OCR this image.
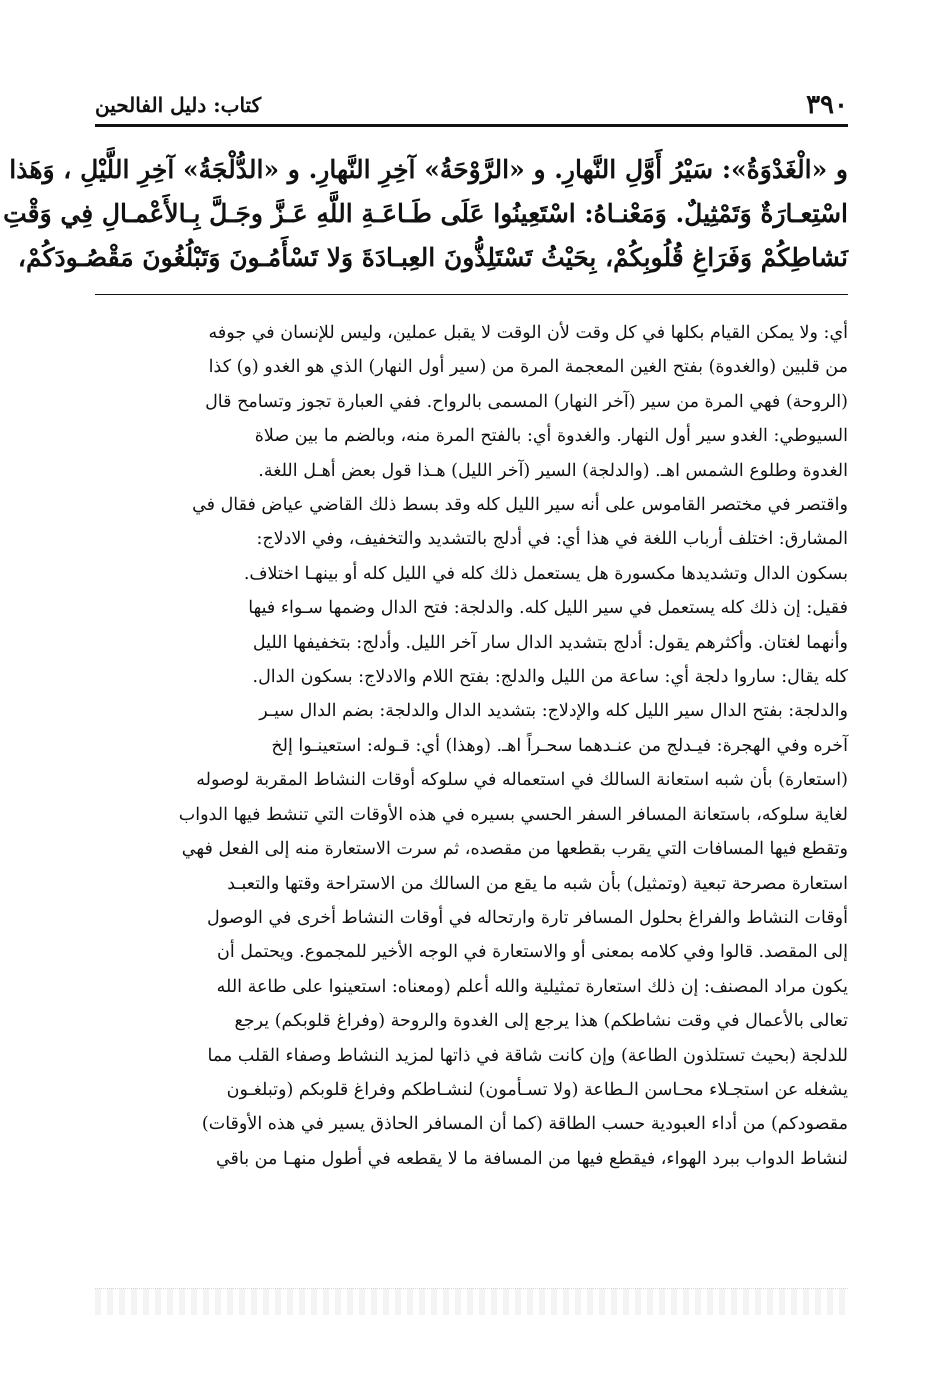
٣٩٠
كتاب: دليل الفالحين

و «الْغَدْوَةُ»: سَيْرُ أَوَّلِ النَّهارِ. و «الرَّوْحَةُ» آخِرِ النَّهارِ. و «الدُّلْجَةُ» آخِرِ اللَّيْلِ ، وَهَذا

اسْتِعـارَةٌ وَتَمْثِيلٌ. وَمَعْنـاهُ: اسْتَعِينُوا عَلَى طَـاعَـةِ اللَّهِ عَـزَّ وجَـلَّ بِـالأَعْمـالِ فِي وَقْتِ

نَشاطِكُمْ وَفَرَاغِ قُلُوبِكُمْ، بِحَيْثُ تَسْتَلِذُّونَ العِبـادَةَ وَلا تَسْأَمُـونَ وَتَبْلُغُونَ مَقْصُـودَكُمْ،

أي: ولا يمكن القيام بكلها في كل وقت لأن الوقت لا يقبل عملين، وليس للإنسان في جوفه

من قلبين (والغدوة) بفتح الغين المعجمة المرة من (سير أول النهار) الذي هو الغدو (و) كذا

(الروحة) فهي المرة من سير (آخر النهار) المسمى بالرواح. ففي العبارة تجوز وتسامح قال

السيوطي: الغدو سير أول النهار. والغدوة أي: بالفتح المرة منه، وبالضم ما بين صلاة

الغدوة وطلوع الشمس اهـ. (والدلجة) السير (آخر الليل) هـذا قول بعض أهـل اللغة.

واقتصر في مختصر القاموس على أنه سير الليل كله وقد بسط ذلك القاضي عياض فقال في

المشارق: اختلف أرباب اللغة في هذا أي: في أدلج بالتشديد والتخفيف، وفي الادلاج:

بسكون الدال وتشديدها مكسورة هل يستعمل ذلك كله في الليل كله أو بينهـا اختلاف.

فقيل: إن ذلك كله يستعمل في سير الليل كله. والدلجة: فتح الدال وضمها سـواء فيها

وأنهما لغتان. وأكثرهم يقول: أدلج بتشديد الدال سار آخر الليل. وأدلج: بتخفيفها الليل

كله يقال: ساروا دلجة أي: ساعة من الليل والدلج: بفتح اللام والادلاج: بسكون الدال.

والدلجة: بفتح الدال سير الليل كله والإدلاج: بتشديد الدال والدلجة: بضم الدال سيـر

آخره وفي الهجرة: فيـدلج من عنـدهما سحـراً اهـ. (وهذا) أي: قـوله: استعينـوا إلخ

(استعارة) بأن شبه استعانة السالك في استعماله في سلوكه أوقات النشاط المقربة لوصوله

لغاية سلوكه، باستعانة المسافر السفر الحسي بسيره في هذه الأوقات التي تنشط فيها الدواب

وتقطع فيها المسافات التي يقرب بقطعها من مقصده، ثم سرت الاستعارة منه إلى الفعل فهي

استعارة مصرحة تبعية (وتمثيل) بأن شبه ما يقع من السالك من الاستراحة وقتها والتعبـد

أوقات النشاط والفراغ بحلول المسافر تارة وارتحاله في أوقات النشاط أخرى في الوصول

إلى المقصد. قالوا وفي كلامه بمعنى أو والاستعارة في الوجه الأخير للمجموع. ويحتمل أن

يكون مراد المصنف: إن ذلك استعارة تمثيلية والله أعلم (ومعناه: استعينوا على طاعة الله

تعالى بالأعمال في وقت نشاطكم) هذا يرجع إلى الغدوة والروحة (وفراغ قلوبكم) يرجع

للدلجة (بحيث تستلذون الطاعة) وإن كانت شاقة في ذاتها لمزيد النشاط وصفاء القلب مما

يشغله عن استجـلاء محـاسن الـطاعة (ولا تسـأمون) لنشـاطكم وفراغ قلوبكم (وتبلغـون

مقصودكم) من أداء العبودية حسب الطاقة (كما أن المسافر الحاذق يسير في هذه الأوقات)

لنشاط الدواب ببرد الهواء، فيقطع فيها من المسافة ما لا يقطعه في أطول منهـا من باقي
